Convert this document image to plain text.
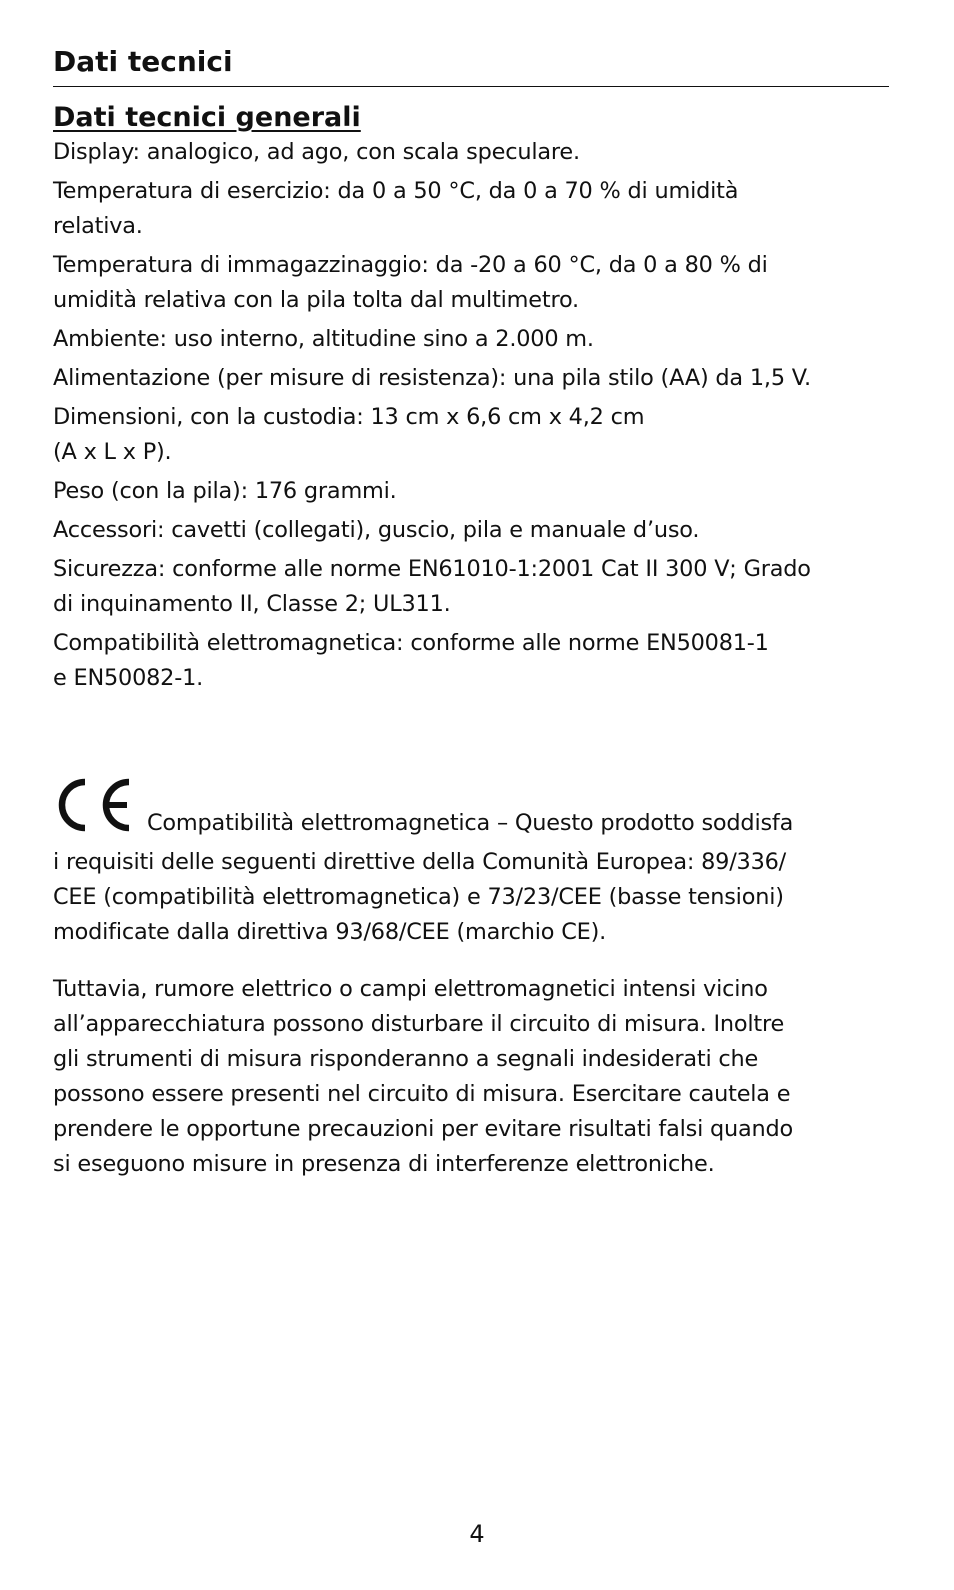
Dati tecnici
Dati tecnici generali

Display: analogico, ad ago, con scala speculare.

Temperatura di esercizio: da 0 a 50 °C, da 0 a 70 % di umidità
relativa.

Temperatura di immagazzinaggio: da -20 a 60 °C, da 0 a 80 % di
umidità relativa con la pila tolta dal multimetro.

Ambiente: uso interno, altitudine sino a 2.000 m.

Alimentazione (per misure di resistenza): una pila stilo (AA) da 1,5 V.

Dimensioni, con la custodia: 13 cm x 6,6 cm x 4,2 cm
(A x L x P).

Peso (con la pila): 176 grammi.

Accessori: cavetti (collegati), guscio, pila e manuale d’uso.

Sicurezza: conforme alle norme EN61010-1:2001 Cat II 300 V; Grado
di inquinamento II, Classe 2; UL311.

Compatibilità elettromagnetica: conforme alle norme EN50081-1
e EN50082-1.

Compatibilità elettromagnetica – Questo prodotto soddisfa
i requisiti delle seguenti direttive della Comunità Europea: 89/336/
CEE (compatibilità elettromagnetica) e 73/23/CEE (basse tensioni)
modificate dalla direttiva 93/68/CEE (marchio CE).

Tuttavia, rumore elettrico o campi elettromagnetici intensi vicino
all’apparecchiatura possono disturbare il circuito di misura. Inoltre
gli strumenti di misura risponderanno a segnali indesiderati che
possono essere presenti nel circuito di misura. Esercitare cautela e
prendere le opportune precauzioni per evitare risultati falsi quando
si eseguono misure in presenza di interferenze elettroniche.

4
